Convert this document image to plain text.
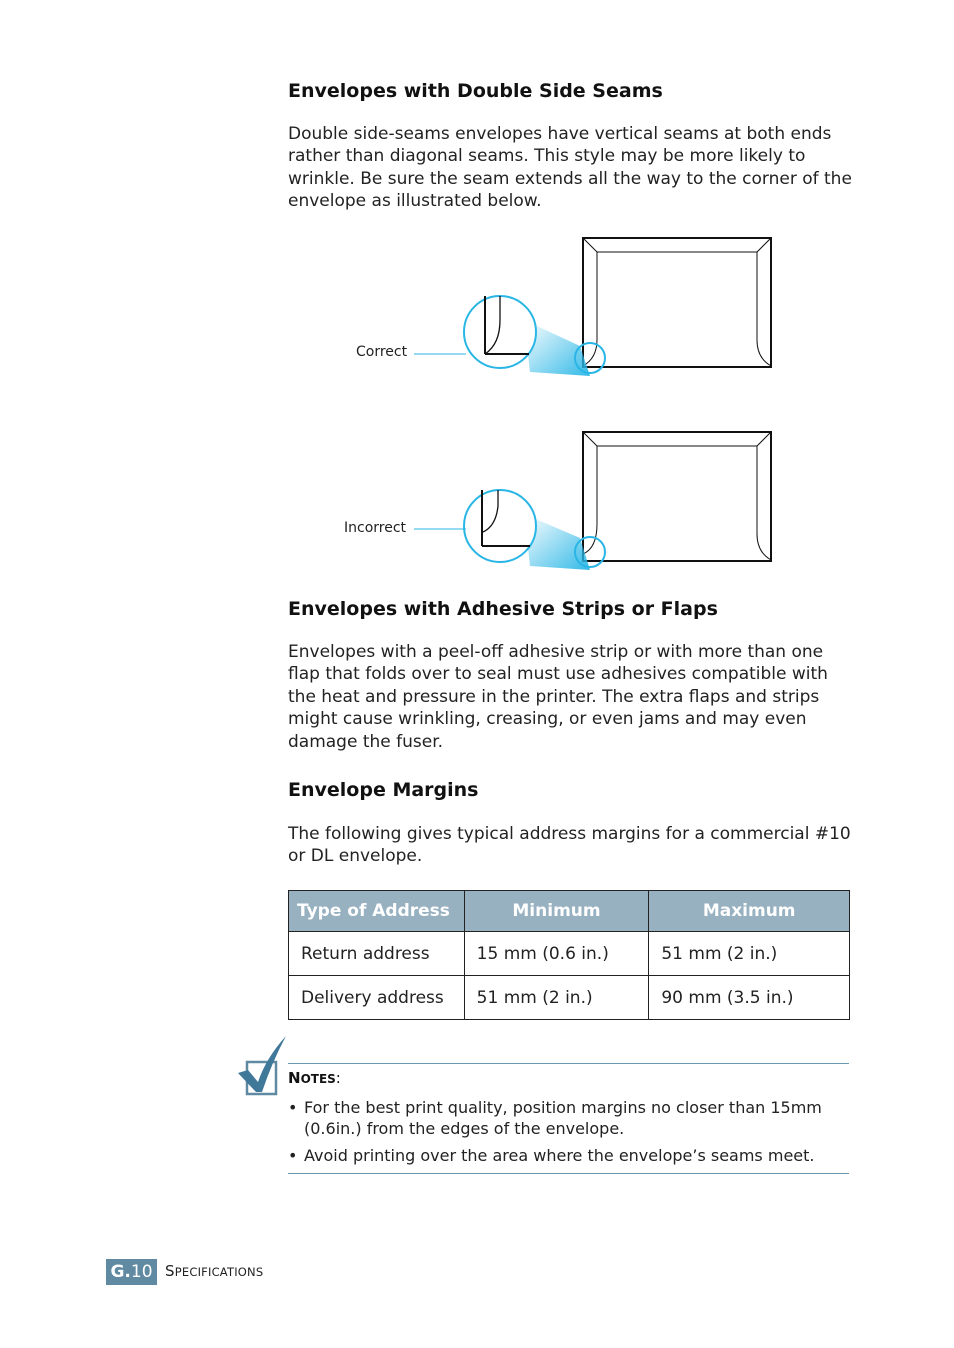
Envelopes with Double Side Seams

Double side-seams envelopes have vertical seams at both ends rather than diagonal seams. This style may be more likely to wrinkle. Be sure the seam extends all the way to the corner of the envelope as illustrated below.

Correct
Incorrect
Envelopes with Adhesive Strips or Flaps

Envelopes with a peel-off adhesive strip or with more than one flap that folds over to seal must use adhesives compatible with the heat and pressure in the printer. The extra flaps and strips might cause wrinkling, creasing, or even jams and may even damage the fuser.

Envelope Margins

The following gives typical address margins for a commercial #10 or DL envelope.

Type of Address	Minimum	Maximum
Return address	15 mm (0.6 in.)	51 mm (2 in.)
Delivery address	51 mm (2 in.)	90 mm (3.5 in.)
NOTES:
• For the best print quality, position margins no closer than 15mm (0.6in.) from the edges of the envelope.
• Avoid printing over the area where the envelope’s seams meet.
G.10 SPECIFICATIONS
